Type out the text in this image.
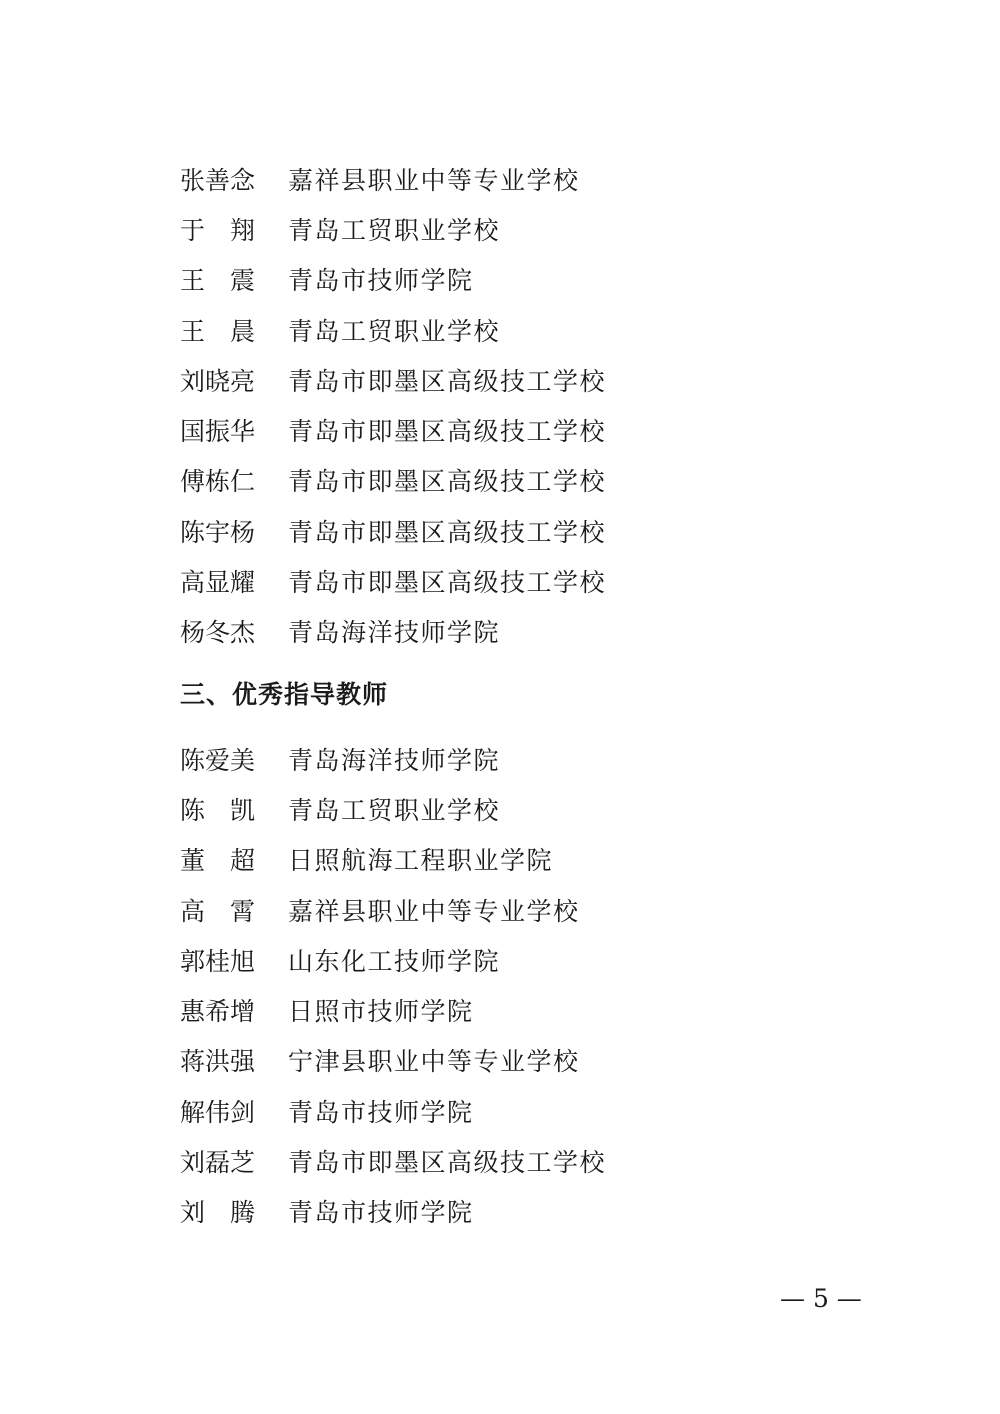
张善念	嘉祥县职业中等专业学校
于　翔	青岛工贸职业学校
王　震	青岛市技师学院
王　晨	青岛工贸职业学校
刘晓亮	青岛市即墨区高级技工学校
国振华	青岛市即墨区高级技工学校
傅栋仁	青岛市即墨区高级技工学校
陈宇杨	青岛市即墨区高级技工学校
高显耀	青岛市即墨区高级技工学校
杨冬杰	青岛海洋技师学院
三、优秀指导教师
陈爱美	青岛海洋技师学院
陈　凯	青岛工贸职业学校
董　超	日照航海工程职业学院
高　霄	嘉祥县职业中等专业学校
郭桂旭	山东化工技师学院
惠希增	日照市技师学院
蒋洪强	宁津县职业中等专业学校
解伟剑	青岛市技师学院
刘磊芝	青岛市即墨区高级技工学校
刘　腾	青岛市技师学院
— 5 —
